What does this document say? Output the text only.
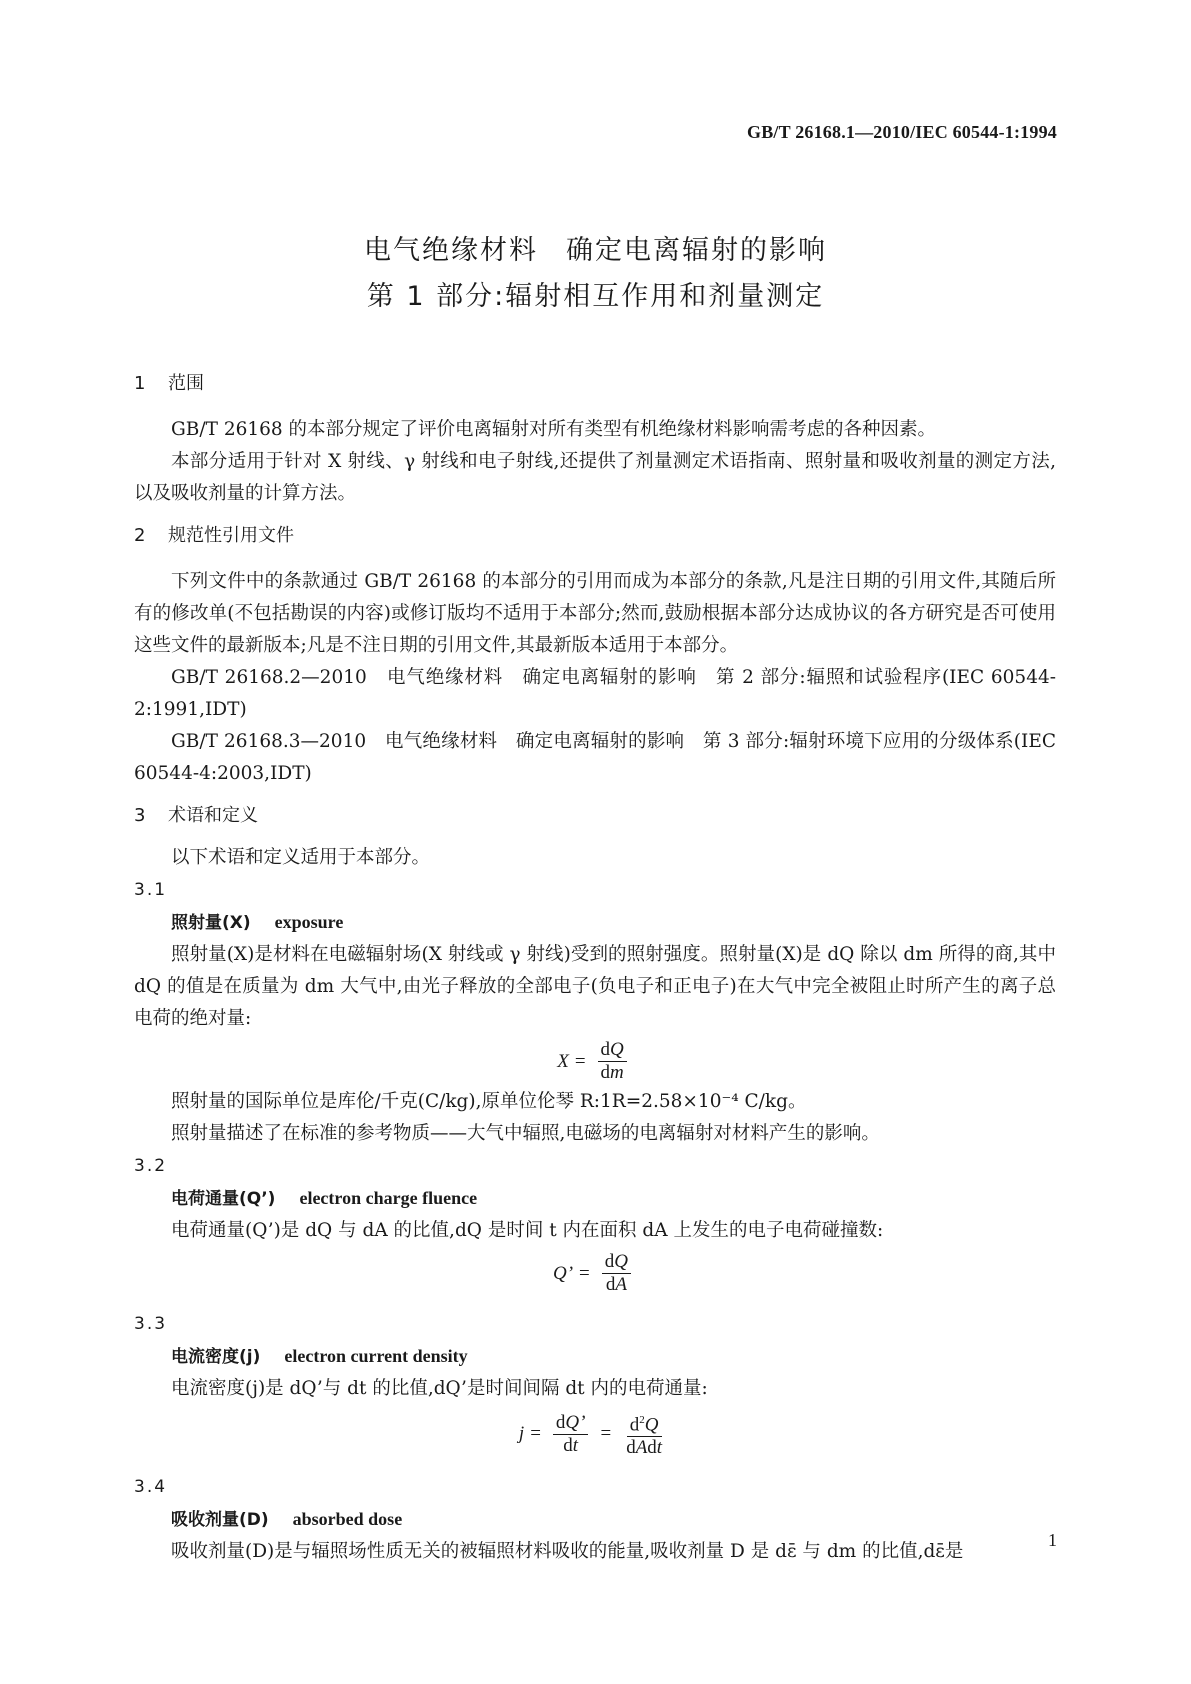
GB/T 26168.1—2010/IEC 60544-1:1994
电气绝缘材料 确定电离辐射的影响
第 1 部分:辐射相互作用和剂量测定
1 范围

GB/T 26168 的本部分规定了评价电离辐射对所有类型有机绝缘材料影响需考虑的各种因素。

本部分适用于针对 X 射线、γ 射线和电子射线,还提供了剂量测定术语指南、照射量和吸收剂量的测定方法,以及吸收剂量的计算方法。

2 规范性引用文件

下列文件中的条款通过 GB/T 26168 的本部分的引用而成为本部分的条款,凡是注日期的引用文件,其随后所有的修改单(不包括勘误的内容)或修订版均不适用于本部分;然而,鼓励根据本部分达成协议的各方研究是否可使用这些文件的最新版本;凡是不注日期的引用文件,其最新版本适用于本部分。

GB/T 26168.2—2010　电气绝缘材料　确定电离辐射的影响　第 2 部分:辐照和试验程序(IEC 60544-2:1991,IDT)

GB/T 26168.3—2010　电气绝缘材料　确定电离辐射的影响　第 3 部分:辐射环境下应用的分级体系(IEC 60544-4:2003,IDT)

3 术语和定义

以下术语和定义适用于本部分。

3.1
照射量(X) exposure

照射量(X)是材料在电磁辐射场(X 射线或 γ 射线)受到的照射强度。照射量(X)是 dQ 除以 dm 所得的商,其中 dQ 的值是在质量为 dm 大气中,由光子释放的全部电子(负电子和正电子)在大气中完全被阻止时所产生的离子总电荷的绝对量:

$X = \frac{dQ}{dm}$

照射量的国际单位是库伦/千克(C/kg),原单位伦琴 R:1R=2.58×10⁻⁴ C/kg。

照射量描述了在标准的参考物质——大气中辐照,电磁场的电离辐射对材料产生的影响。

3.2
电荷通量(Q’) electron charge fluence

电荷通量(Q’)是 dQ 与 dA 的比值,dQ 是时间 t 内在面积 dA 上发生的电子电荷碰撞数:

Q’ = $\frac{dQ}{dA}$
3.3
电流密度(j) electron current density

电流密度(j)是 dQ’与 dt 的比值,dQ’是时间间隔 dt 内的电荷通量:

$j = \frac{dQ’}{dt} = \frac{d^2Q}{\text{dAdt}}$
3.4
吸收剂量(D) absorbed dose

吸收剂量(D)是与辐照场性质无关的被辐照材料吸收的能量,吸收剂量 D 是 dε̄ 与 dm 的比值,dε̄是

1
